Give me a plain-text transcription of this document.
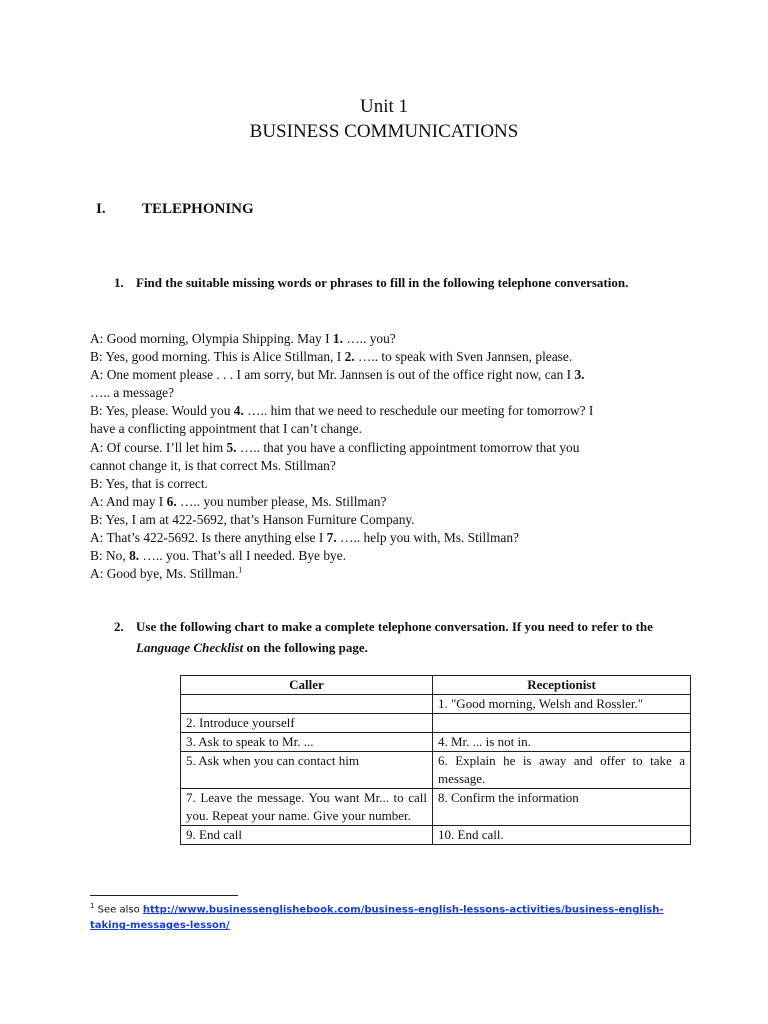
Unit 1
BUSINESS COMMUNICATIONS
I. TELEPHONING
1. Find the suitable missing words or phrases to fill in the following telephone conversation.

A: Good morning, Olympia Shipping. May I 1. ….. you?

B: Yes, good morning. This is Alice Stillman, I 2. ….. to speak with Sven Jannsen, please.

A: One moment please . . . I am sorry, but Mr. Jannsen is out of the office right now, can I 3.

….. a message?

B: Yes, please. Would you 4. ….. him that we need to reschedule our meeting for tomorrow? I

have a conflicting appointment that I can’t change.

A: Of course. I’ll let him 5. ….. that you have a conflicting appointment tomorrow that you

cannot change it, is that correct Ms. Stillman?

B: Yes, that is correct.

A: And may I 6. ….. you number please, Ms. Stillman?

B: Yes, I am at 422-5692, that’s Hanson Furniture Company.

A: That’s 422-5692. Is there anything else I 7. ….. help you with, Ms. Stillman?

B: No, 8. ….. you. That’s all I needed. Bye bye.

A: Good bye, Ms. Stillman.$^1$

2. Use the following chart to make a complete telephone conversation. If you need to refer to the Language Checklist on the following page.
Caller	Receptionist
	1. "Good morning, Welsh and Rossler."
2. Introduce yourself	
3. Ask to speak to Mr. ...	4. Mr. ... is not in.
5. Ask when you can contact him	6. Explain he is away and offer to take a message.
7. Leave the message. You want Mr... to call you. Repeat your name. Give your number.	8. Confirm the information
9. End call	10. End call.
$^1$ See also http://www.businessenglishebook.com/business-english-lessons-activities/business-english-taking-messages-lesson/
